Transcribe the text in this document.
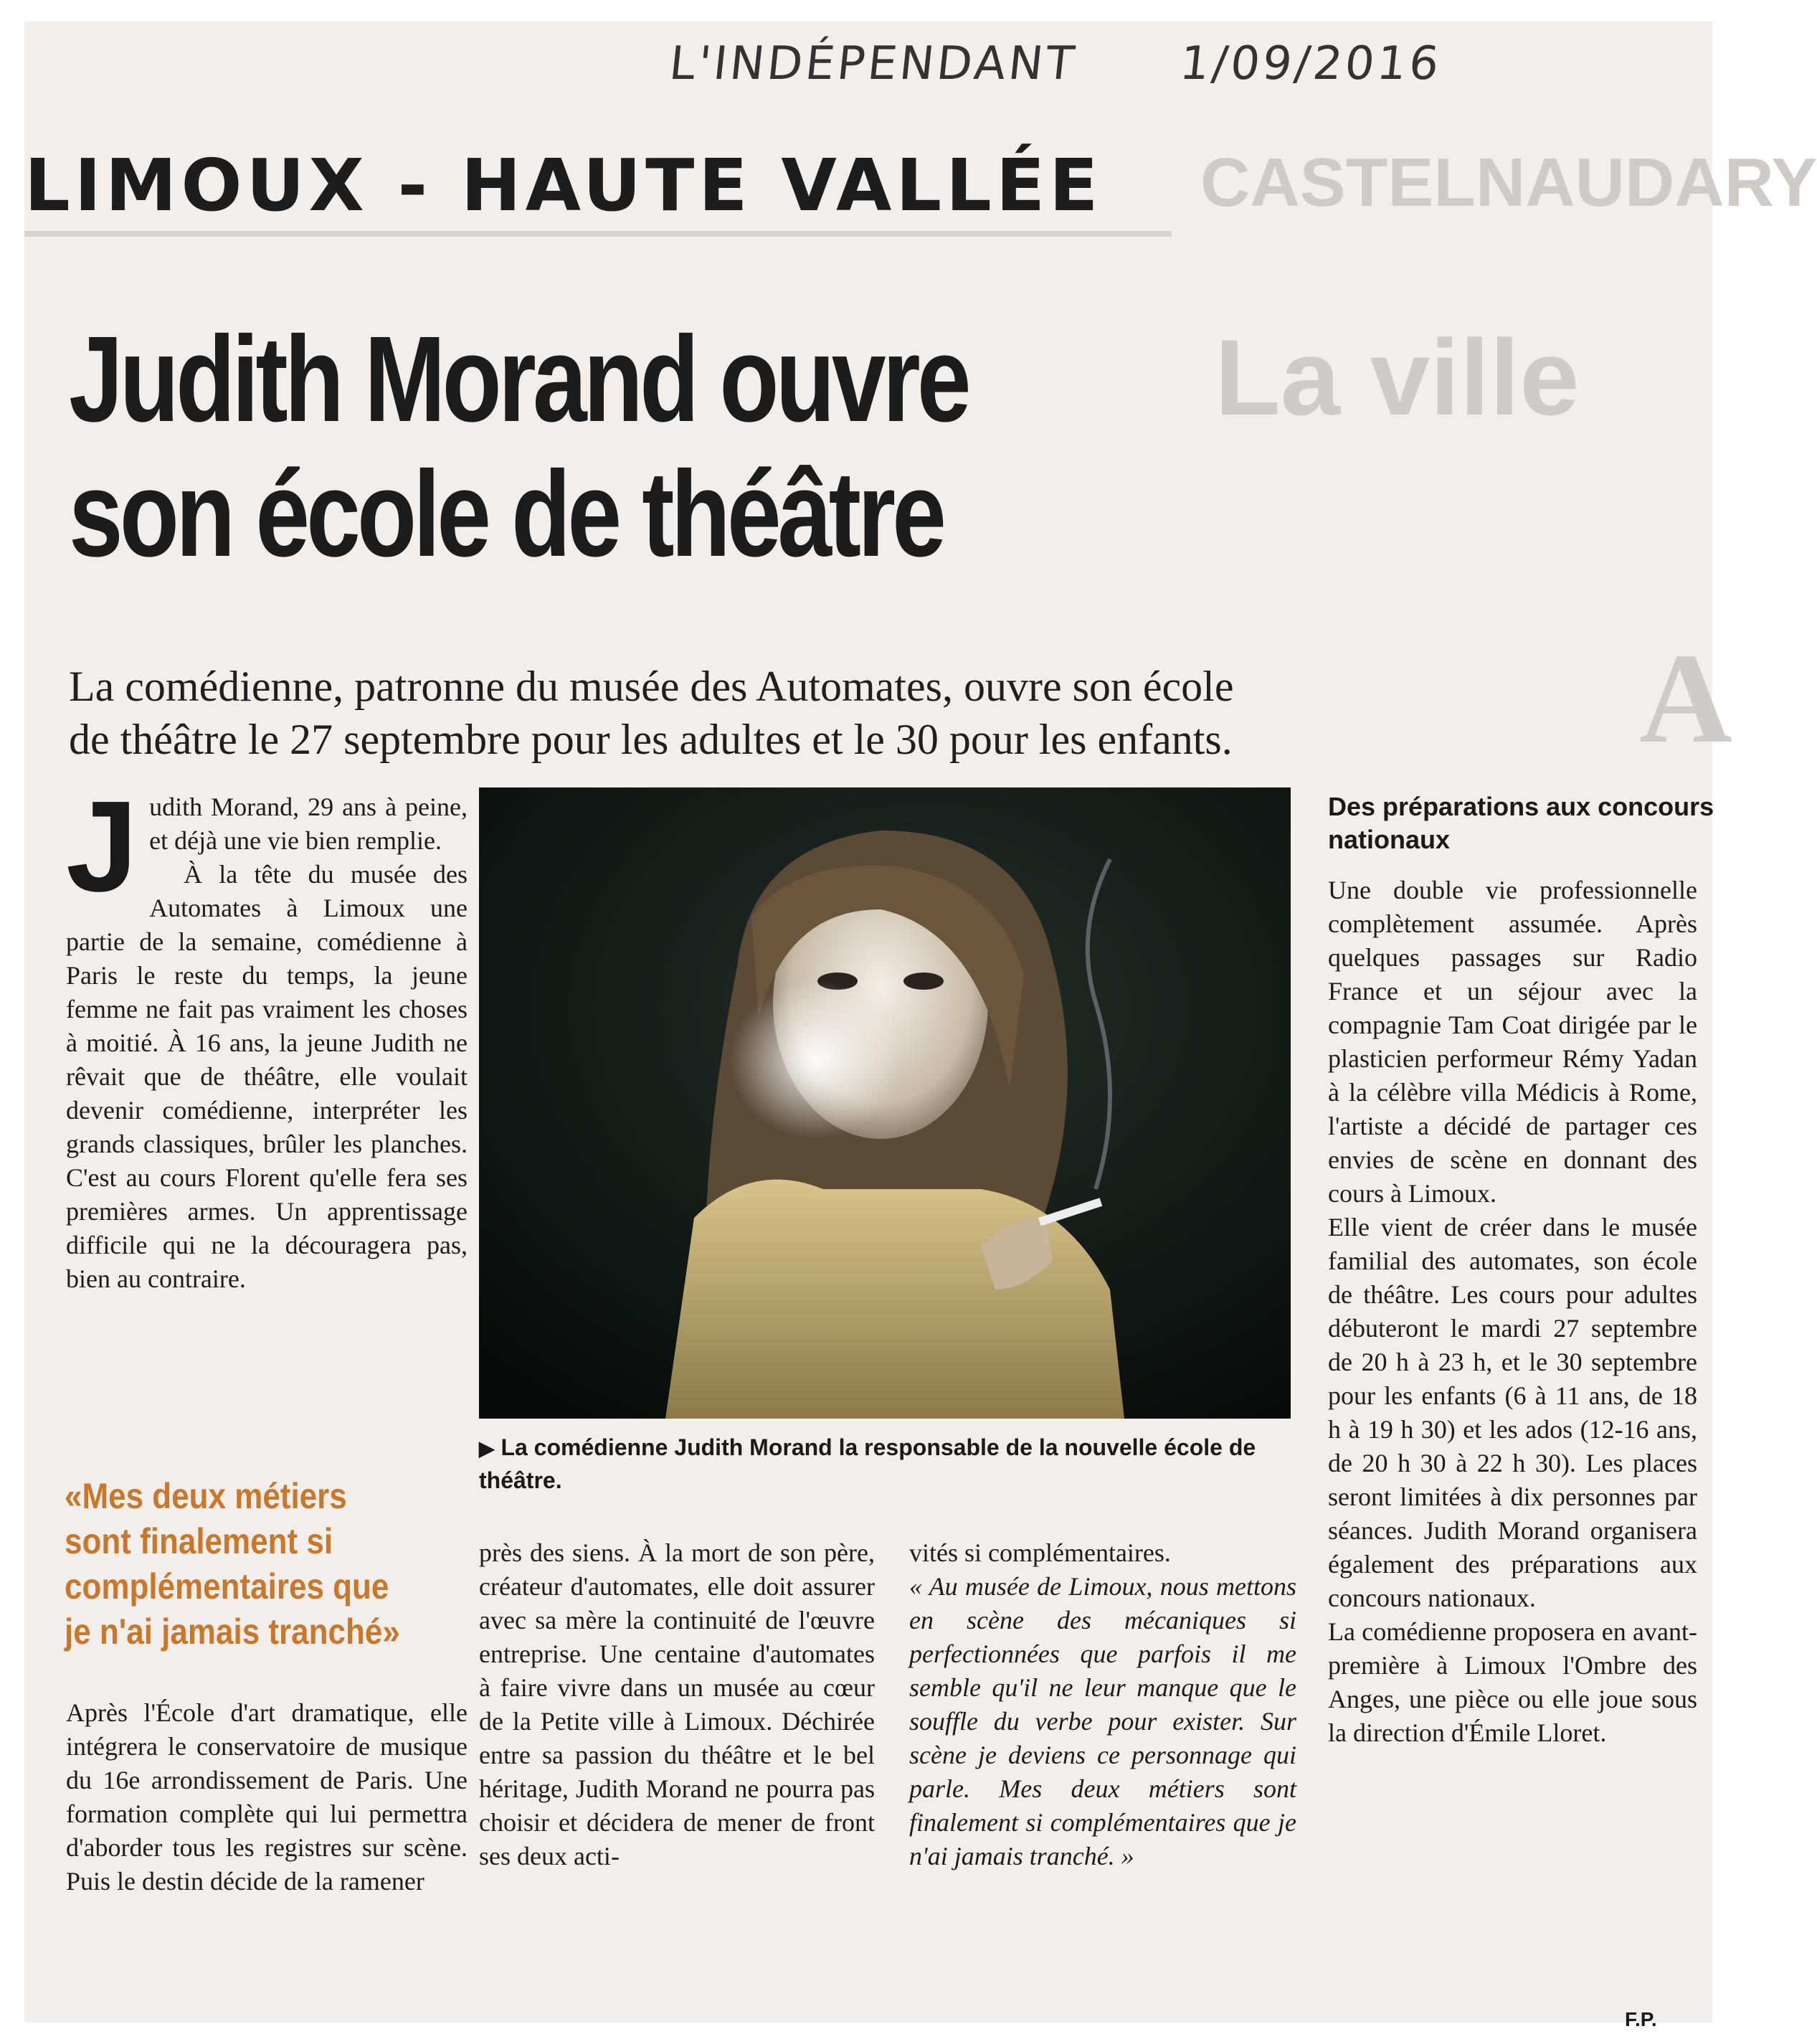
CASTELNAUDARY
La ville
A
L'INDÉPENDANT 1/09/2016
LIMOUX - HAUTE VALLÉE
Judith Morand ouvre
son école de théâtre
La comédienne, patronne du musée des Automates, ouvre son école
de théâtre le 27 septembre pour les adultes et le 30 pour les enfants.
J udith Morand, 29 ans à peine, et déjà une vie bien remplie.

À la tête du musée des Automates à Limoux une partie de la semaine, comédienne à Paris le reste du temps, la jeune femme ne fait pas vraiment les choses à moitié. À 16 ans, la jeune Judith ne rêvait que de théâtre, elle voulait devenir comédienne, interpréter les grands classiques, brûler les planches. C'est au cours Florent qu'elle fera ses premières armes. Un apprentissage difficile qui ne la découragera pas, bien au contraire.

«Mes deux métiers sont finalement si complémentaires que je n'ai jamais tranché»

Après l'École d'art dramatique, elle intégrera le conservatoire de musique du 16e arrondissement de Paris. Une formation complète qui lui permettra d'aborder tous les registres sur scène. Puis le destin décide de la ramener

▶ La comédienne Judith Morand la responsable de la nouvelle école de théâtre.

près des siens. À la mort de son père, créateur d'automates, elle doit assurer avec sa mère la continuité de l'œuvre entreprise. Une centaine d'automates à faire vivre dans un musée au cœur de la Petite ville à Limoux. Déchirée entre sa passion du théâtre et le bel héritage, Judith Morand ne pourra pas choisir et décidera de mener de front ses deux acti-

vités si complémentaires.

« Au musée de Limoux, nous mettons en scène des mécaniques si perfectionnées que parfois il me semble qu'il ne leur manque que le souffle du verbe pour exister. Sur scène je deviens ce personnage qui parle. Mes deux métiers sont finalement si complémentaires que je n'ai jamais tranché. »

Des préparations aux concours nationaux

Une double vie professionnelle complètement assumée. Après quelques passages sur Radio France et un séjour avec la compagnie Tam Coat dirigée par le plasticien performeur Rémy Yadan à la célèbre villa Médicis à Rome, l'artiste a décidé de partager ces envies de scène en donnant des cours à Limoux.

Elle vient de créer dans le musée familial des automates, son école de théâtre. Les cours pour adultes débuteront le mardi 27 septembre de 20 h à 23 h, et le 30 septembre pour les enfants (6 à 11 ans, de 18 h à 19 h 30) et les ados (12-16 ans, de 20 h 30 à 22 h 30). Les places seront limitées à dix personnes par séances. Judith Morand organisera également des préparations aux concours nationaux.

La comédienne proposera en avant-première à Limoux l'Ombre des Anges, une pièce ou elle joue sous la direction d'Émile Lloret.

F.P.
